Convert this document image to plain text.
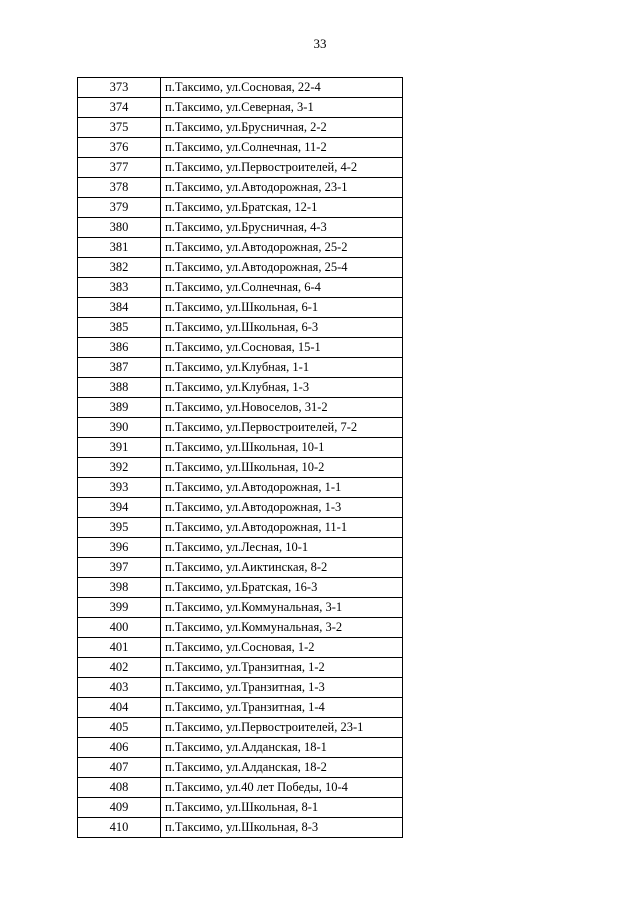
33
373	п.Таксимо, ул.Сосновая, 22-4
374	п.Таксимо, ул.Северная, 3-1
375	п.Таксимо, ул.Брусничная, 2-2
376	п.Таксимо, ул.Солнечная, 11-2
377	п.Таксимо, ул.Первостроителей, 4-2
378	п.Таксимо, ул.Автодорожная, 23-1
379	п.Таксимо, ул.Братская, 12-1
380	п.Таксимо, ул.Брусничная, 4-3
381	п.Таксимо, ул.Автодорожная, 25-2
382	п.Таксимо, ул.Автодорожная, 25-4
383	п.Таксимо, ул.Солнечная, 6-4
384	п.Таксимо, ул.Школьная, 6-1
385	п.Таксимо, ул.Школьная, 6-3
386	п.Таксимо, ул.Сосновая, 15-1
387	п.Таксимо, ул.Клубная, 1-1
388	п.Таксимо, ул.Клубная, 1-3
389	п.Таксимо, ул.Новоселов, 31-2
390	п.Таксимо, ул.Первостроителей, 7-2
391	п.Таксимо, ул.Школьная, 10-1
392	п.Таксимо, ул.Школьная, 10-2
393	п.Таксимо, ул.Автодорожная, 1-1
394	п.Таксимо, ул.Автодорожная, 1-3
395	п.Таксимо, ул.Автодорожная, 11-1
396	п.Таксимо, ул.Лесная, 10-1
397	п.Таксимо, ул.Аиктинская, 8-2
398	п.Таксимо, ул.Братская, 16-3
399	п.Таксимо, ул.Коммунальная, 3-1
400	п.Таксимо, ул.Коммунальная, 3-2
401	п.Таксимо, ул.Сосновая, 1-2
402	п.Таксимо, ул.Транзитная, 1-2
403	п.Таксимо, ул.Транзитная, 1-3
404	п.Таксимо, ул.Транзитная, 1-4
405	п.Таксимо, ул.Первостроителей, 23-1
406	п.Таксимо, ул.Алданская, 18-1
407	п.Таксимо, ул.Алданская, 18-2
408	п.Таксимо, ул.40 лет Победы, 10-4
409	п.Таксимо, ул.Школьная, 8-1
410	п.Таксимо, ул.Школьная, 8-3
